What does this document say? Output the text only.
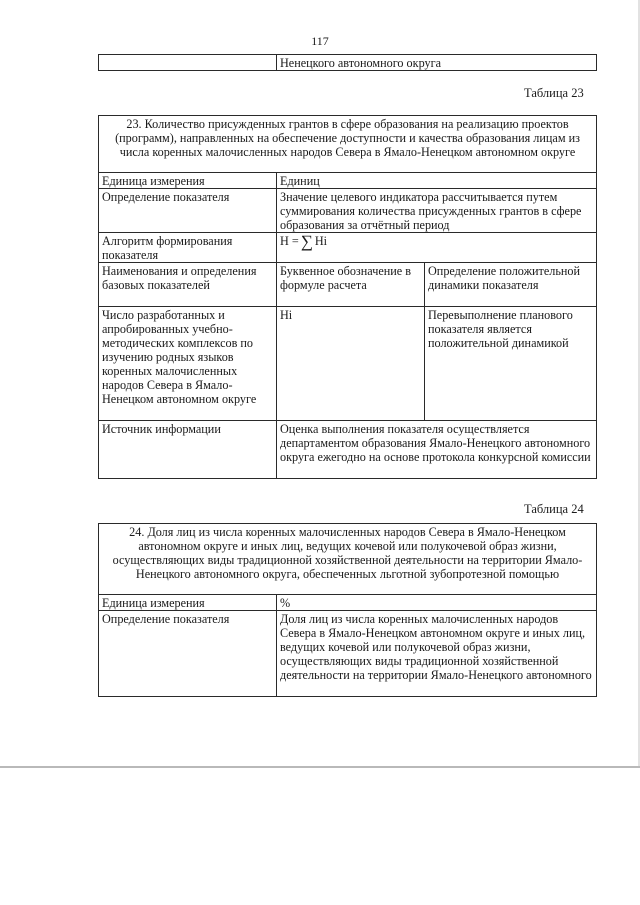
117
	Ненецкого автономного округа
Таблица 23
23. Количество присужденных грантов в сфере образования на реализацию проектов (программ), направленных на обеспечение доступности и качества образования лицам из числа коренных малочисленных народов Севера в Ямало-Ненецком автономном округе		
Единица измерения	Единиц	
Определение показателя	Значение целевого индикатора рассчитывается путем суммирования количества присужденных грантов в сфере образования за отчётный период	
Алгоритм формирования показателя	H = ∑ Hi	

Наименования и определения базовых показателей	Буквенное обозначение в формуле расчета	Определение положительной динамики показателя
Число разработанных и апробированных учебно-методических комплексов по изучению родных языков коренных малочисленных народов Севера в Ямало-Ненецком автономном округе	Hi	Перевыполнение планового показателя является положительной динамикой
Источник информации	Оценка выполнения показателя осуществляется департаментом образования Ямало-Ненецкого автономного округа ежегодно на основе протокола конкурсной комиссии	
Таблица 24
24. Доля лиц из числа коренных малочисленных народов Севера в Ямало-Ненецком автономном округе и иных лиц, ведущих кочевой или полукочевой образ жизни, осуществляющих виды традиционной хозяйственной деятельности на территории Ямало-Ненецкого автономного округа, обеспеченных льготной зубопротезной помощью	
Единица измерения	%
Определение показателя	Доля лиц из числа коренных малочисленных народов Севера в Ямало-Ненецком автономном округе и иных лиц, ведущих кочевой или полукочевой образ жизни, осуществляющих виды традиционной хозяйственной деятельности на территории Ямало-Ненецкого автономного
